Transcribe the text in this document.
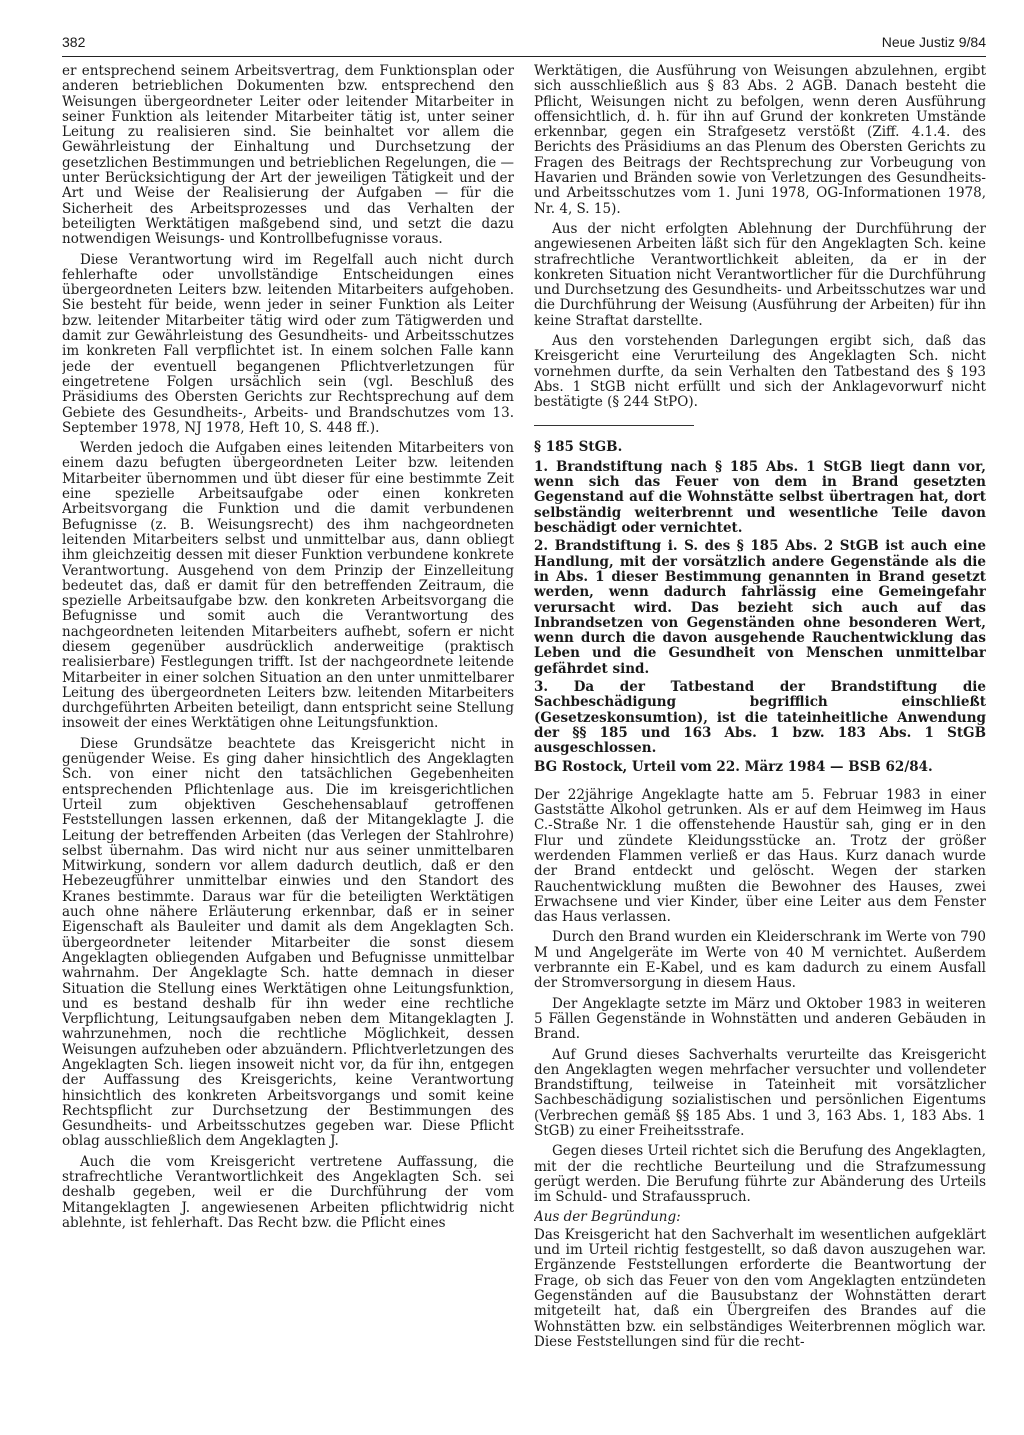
382	Neue Justiz 9/84

er entsprechend seinem Arbeitsvertrag, dem Funktionsplan oder anderen betrieblichen Dokumenten bzw. entsprechend den Weisungen übergeordneter Leiter oder leitender Mitarbeiter in seiner Funktion als leitender Mitarbeiter tätig ist, unter seiner Leitung zu realisieren sind. Sie beinhaltet vor allem die Gewährleistung der Einhaltung und Durchsetzung der gesetzlichen Bestimmungen und betrieblichen Regelungen, die — unter Berücksichtigung der Art der jeweiligen Tätigkeit und der Art und Weise der Realisierung der Aufgaben — für die Sicherheit des Arbeitsprozesses und das Verhalten der beteiligten Werktätigen maßgebend sind, und setzt die dazu notwendigen Weisungs- und Kontrollbefugnisse voraus.

Diese Verantwortung wird im Regelfall auch nicht durch fehlerhafte oder unvollständige Entscheidungen eines übergeordneten Leiters bzw. leitenden Mitarbeiters aufgehoben. Sie besteht für beide, wenn jeder in seiner Funktion als Leiter bzw. leitender Mitarbeiter tätig wird oder zum Tätigwerden und damit zur Gewährleistung des Gesundheits- und Arbeitsschutzes im konkreten Fall verpflichtet ist. In einem solchen Falle kann jede der eventuell begangenen Pflichtverletzungen für eingetretene Folgen ursächlich sein (vgl. Beschluß des Präsidiums des Obersten Gerichts zur Rechtsprechung auf dem Gebiete des Gesundheits-, Arbeits- und Brandschutzes vom 13. September 1978, NJ 1978, Heft 10, S. 448 ff.).

Werden jedoch die Aufgaben eines leitenden Mitarbeiters von einem dazu befugten übergeordneten Leiter bzw. leitenden Mitarbeiter übernommen und übt dieser für eine bestimmte Zeit eine spezielle Arbeitsaufgabe oder einen konkreten Arbeitsvorgang die Funktion und die damit verbundenen Befugnisse (z. B. Weisungsrecht) des ihm nachgeordneten leitenden Mitarbeiters selbst und unmittelbar aus, dann obliegt ihm gleichzeitig dessen mit dieser Funktion verbundene konkrete Verantwortung. Ausgehend von dem Prinzip der Einzelleitung bedeutet das, daß er damit für den betreffenden Zeitraum, die spezielle Arbeitsaufgabe bzw. den konkreten Arbeitsvorgang die Befugnisse und somit auch die Verantwortung des nachgeordneten leitenden Mitarbeiters aufhebt, sofern er nicht diesem gegenüber ausdrücklich anderweitige (praktisch realisierbare) Festlegungen trifft. Ist der nachgeordnete leitende Mitarbeiter in einer solchen Situation an den unter unmittelbarer Leitung des übergeordneten Leiters bzw. leitenden Mitarbeiters durchgeführten Arbeiten beteiligt, dann entspricht seine Stellung insoweit der eines Werktätigen ohne Leitungsfunktion.

Diese Grundsätze beachtete das Kreisgericht nicht in genügender Weise. Es ging daher hinsichtlich des Angeklagten Sch. von einer nicht den tatsächlichen Gegebenheiten entsprechenden Pflichtenlage aus. Die im kreisgerichtlichen Urteil zum objektiven Geschehensablauf getroffenen Feststellungen lassen erkennen, daß der Mitangeklagte J. die Leitung der betreffenden Arbeiten (das Verlegen der Stahlrohre) selbst übernahm. Das wird nicht nur aus seiner unmittelbaren Mitwirkung, sondern vor allem dadurch deutlich, daß er den Hebezeugführer unmittelbar einwies und den Standort des Kranes bestimmte. Daraus war für die beteiligten Werktätigen auch ohne nähere Erläuterung erkennbar, daß er in seiner Eigenschaft als Bauleiter und damit als dem Angeklagten Sch. übergeordneter leitender Mitarbeiter die sonst diesem Angeklagten obliegenden Aufgaben und Befugnisse unmittelbar wahrnahm. Der Angeklagte Sch. hatte demnach in dieser Situation die Stellung eines Werktätigen ohne Leitungsfunktion, und es bestand deshalb für ihn weder eine rechtliche Verpflichtung, Leitungsaufgaben neben dem Mitangeklagten J. wahrzunehmen, noch die rechtliche Möglichkeit, dessen Weisungen aufzuheben oder abzuändern. Pflichtverletzungen des Angeklagten Sch. liegen insoweit nicht vor, da für ihn, entgegen der Auffassung des Kreisgerichts, keine Verantwortung hinsichtlich des konkreten Arbeitsvorgangs und somit keine Rechtspflicht zur Durchsetzung der Bestimmungen des Gesundheits- und Arbeitsschutzes gegeben war. Diese Pflicht oblag ausschließlich dem Angeklagten J.

Auch die vom Kreisgericht vertretene Auffassung, die strafrechtliche Verantwortlichkeit des Angeklagten Sch. sei deshalb gegeben, weil er die Durchführung der vom Mitangeklagten J. angewiesenen Arbeiten pflichtwidrig nicht ablehnte, ist fehlerhaft. Das Recht bzw. die Pflicht eines

Werktätigen, die Ausführung von Weisungen abzulehnen, ergibt sich ausschließlich aus § 83 Abs. 2 AGB. Danach besteht die Pflicht, Weisungen nicht zu befolgen, wenn deren Ausführung offensichtlich, d. h. für ihn auf Grund der konkreten Umstände erkennbar, gegen ein Strafgesetz verstößt (Ziff. 4.1.4. des Berichts des Präsidiums an das Plenum des Obersten Gerichts zu Fragen des Beitrags der Rechtsprechung zur Vorbeugung von Havarien und Bränden sowie von Verletzungen des Gesundheits- und Arbeitsschutzes vom 1. Juni 1978, OG-Informationen 1978, Nr. 4, S. 15).

Aus der nicht erfolgten Ablehnung der Durchführung der angewiesenen Arbeiten läßt sich für den Angeklagten Sch. keine strafrechtliche Verantwortlichkeit ableiten, da er in der konkreten Situation nicht Verantwortlicher für die Durchführung und Durchsetzung des Gesundheits- und Arbeitsschutzes war und die Durchführung der Weisung (Ausführung der Arbeiten) für ihn keine Straftat darstellte.

Aus den vorstehenden Darlegungen ergibt sich, daß das Kreisgericht eine Verurteilung des Angeklagten Sch. nicht vornehmen durfte, da sein Verhalten den Tatbestand des § 193 Abs. 1 StGB nicht erfüllt und sich der Anklagevorwurf nicht bestätigte (§ 244 StPO).

§ 185 StGB.
1. Brandstiftung nach § 185 Abs. 1 StGB liegt dann vor, wenn sich das Feuer von dem in Brand gesetzten Gegenstand auf die Wohnstätte selbst übertragen hat, dort selbständig weiterbrennt und wesentliche Teile davon beschädigt oder vernichtet.
2. Brandstiftung i. S. des § 185 Abs. 2 StGB ist auch eine Handlung, mit der vorsätzlich andere Gegenstände als die in Abs. 1 dieser Bestimmung genannten in Brand gesetzt werden, wenn dadurch fahrlässig eine Gemeingefahr verursacht wird. Das bezieht sich auch auf das Inbrandsetzen von Gegenständen ohne besonderen Wert, wenn durch die davon ausgehende Rauchentwicklung das Leben und die Gesundheit von Menschen unmittelbar gefährdet sind.
3. Da der Tatbestand der Brandstiftung die Sachbeschädigung begrifflich einschließt (Gesetzeskonsumtion), ist die tateinheitliche Anwendung der §§ 185 und 163 Abs. 1 bzw. 183 Abs. 1 StGB ausgeschlossen.
BG Rostock, Urteil vom 22. März 1984 — BSB 62/84.

Der 22jährige Angeklagte hatte am 5. Februar 1983 in einer Gaststätte Alkohol getrunken. Als er auf dem Heimweg im Haus C.-Straße Nr. 1 die offenstehende Haustür sah, ging er in den Flur und zündete Kleidungsstücke an. Trotz der größer werdenden Flammen verließ er das Haus. Kurz danach wurde der Brand entdeckt und gelöscht. Wegen der starken Rauchentwicklung mußten die Bewohner des Hauses, zwei Erwachsene und vier Kinder, über eine Leiter aus dem Fenster das Haus verlassen.

Durch den Brand wurden ein Kleiderschrank im Werte von 790 M und Angelgeräte im Werte von 40 M vernichtet. Außerdem verbrannte ein E-Kabel, und es kam dadurch zu einem Ausfall der Stromversorgung in diesem Haus.

Der Angeklagte setzte im März und Oktober 1983 in weiteren 5 Fällen Gegenstände in Wohnstätten und anderen Gebäuden in Brand.

Auf Grund dieses Sachverhalts verurteilte das Kreisgericht den Angeklagten wegen mehrfacher versuchter und vollendeter Brandstiftung, teilweise in Tateinheit mit vorsätzlicher Sachbeschädigung sozialistischen und persönlichen Eigentums (Verbrechen gemäß §§ 185 Abs. 1 und 3, 163 Abs. 1, 183 Abs. 1 StGB) zu einer Freiheitsstrafe.

Gegen dieses Urteil richtet sich die Berufung des Angeklagten, mit der die rechtliche Beurteilung und die Strafzumessung gerügt werden. Die Berufung führte zur Abänderung des Urteils im Schuld- und Strafausspruch.

Aus der Begründung:

Das Kreisgericht hat den Sachverhalt im wesentlichen aufgeklärt und im Urteil richtig festgestellt, so daß davon auszugehen war. Ergänzende Feststellungen erforderte die Beantwortung der Frage, ob sich das Feuer von den vom Angeklagten entzündeten Gegenständen auf die Bausubstanz der Wohnstätten derart mitgeteilt hat, daß ein Übergreifen des Brandes auf die Wohnstätten bzw. ein selbständiges Weiterbrennen möglich war. Diese Feststellungen sind für die recht-
